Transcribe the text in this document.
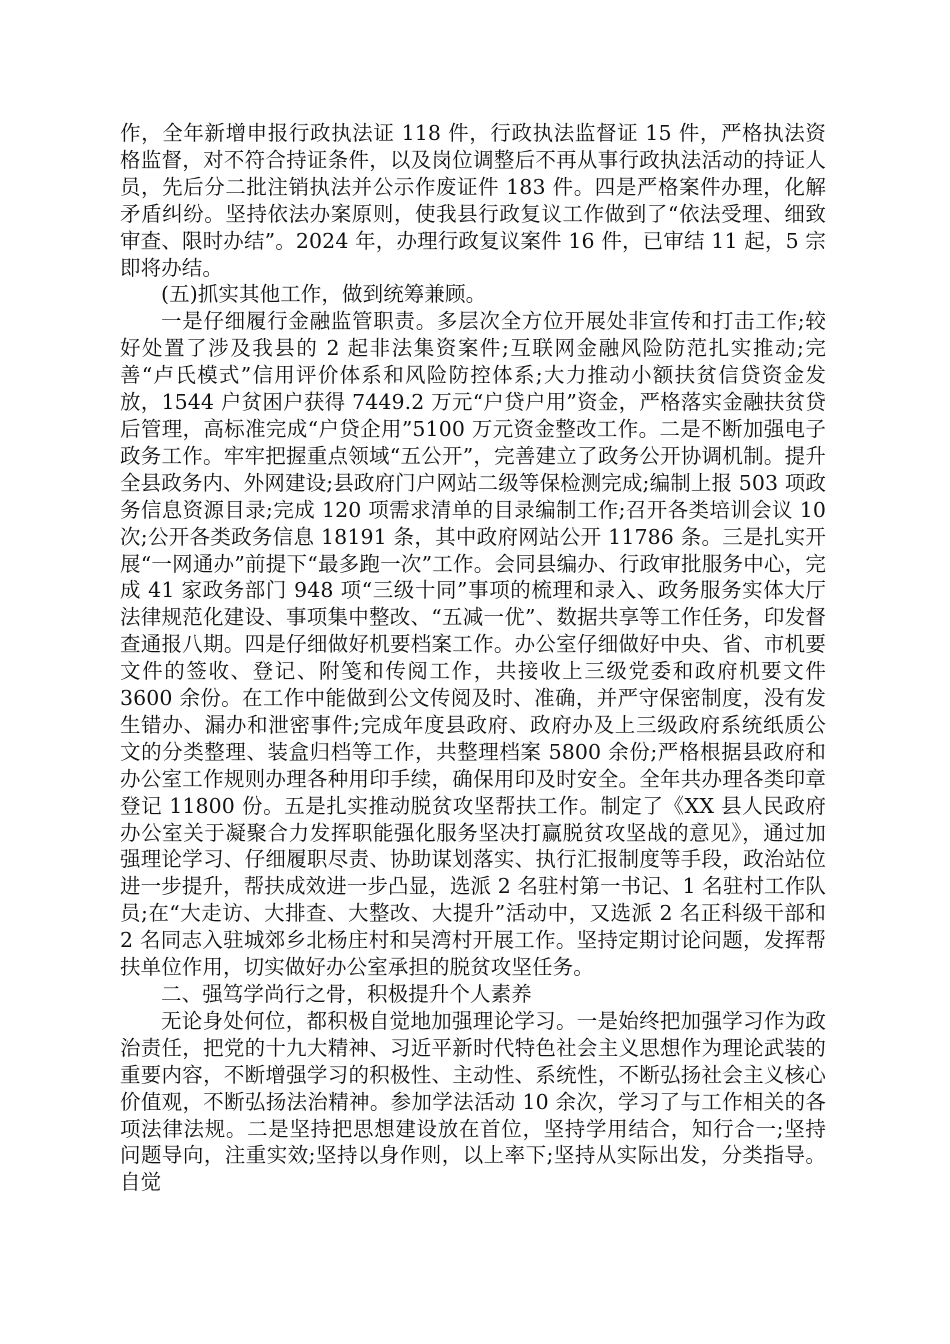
作，全年新增申报行政执法证 118 件，行政执法监督证 15 件，严格执法资格监督，对不符合持证条件，以及岗位调整后不再从事行政执法活动的持证人员，先后分二批注销执法并公示作废证件 183 件。四是严格案件办理，化解矛盾纠纷。坚持依法办案原则，使我县行政复议工作做到了“依法受理、细致审查、限时办结”。2024 年，办理行政复议案件 16 件，已审结 11 起，5 宗即将办结。

(五)抓实其他工作，做到统筹兼顾。

一是仔细履行金融监管职责。多层次全方位开展处非宣传和打击工作;较好处置了涉及我县的 2 起非法集资案件;互联网金融风险防范扎实推动;完善“卢氏模式”信用评价体系和风险防控体系;大力推动小额扶贫信贷资金发放，1544 户贫困户获得 7449.2 万元“户贷户用”资金，严格落实金融扶贫贷后管理，高标准完成“户贷企用”5100 万元资金整改工作。二是不断加强电子政务工作。牢牢把握重点领域“五公开”，完善建立了政务公开协调机制。提升全县政务内、外网建设;县政府门户网站二级等保检测完成;编制上报 503 项政务信息资源目录;完成 120 项需求清单的目录编制工作;召开各类培训会议 10 次;公开各类政务信息 18191 条，其中政府网站公开 11786 条。三是扎实开展“一网通办”前提下“最多跑一次”工作。会同县编办、行政审批服务中心，完成 41 家政务部门 948 项“三级十同”事项的梳理和录入、政务服务实体大厅法律规范化建设、事项集中整改、“五减一优”、数据共享等工作任务，印发督查通报八期。四是仔细做好机要档案工作。办公室仔细做好中央、省、市机要文件的签收、登记、附笺和传阅工作，共接收上三级党委和政府机要文件 3600 余份。在工作中能做到公文传阅及时、准确，并严守保密制度，没有发生错办、漏办和泄密事件;完成年度县政府、政府办及上三级政府系统纸质公文的分类整理、装盒归档等工作，共整理档案 5800 余份;严格根据县政府和办公室工作规则办理各种用印手续，确保用印及时安全。全年共办理各类印章登记 11800 份。五是扎实推动脱贫攻坚帮扶工作。制定了《XX 县人民政府办公室关于凝聚合力发挥职能强化服务坚决打赢脱贫攻坚战的意见》，通过加强理论学习、仔细履职尽责、协助谋划落实、执行汇报制度等手段，政治站位进一步提升，帮扶成效进一步凸显，选派 2 名驻村第一书记、1 名驻村工作队员;在“大走访、大排查、大整改、大提升”活动中，又选派 2 名正科级干部和 2 名同志入驻城郊乡北杨庄村和吴湾村开展工作。坚持定期讨论问题，发挥帮扶单位作用，切实做好办公室承担的脱贫攻坚任务。

二、强笃学尚行之骨，积极提升个人素养

无论身处何位，都积极自觉地加强理论学习。一是始终把加强学习作为政治责任，把党的十九大精神、习近平新时代特色社会主义思想作为理论武装的重要内容，不断增强学习的积极性、主动性、系统性，不断弘扬社会主义核心价值观，不断弘扬法治精神。参加学法活动 10 余次，学习了与工作相关的各项法律法规。二是坚持把思想建设放在首位，坚持学用结合，知行合一;坚持问题导向，注重实效;坚持以身作则，以上率下;坚持从实际出发，分类指导。自觉
